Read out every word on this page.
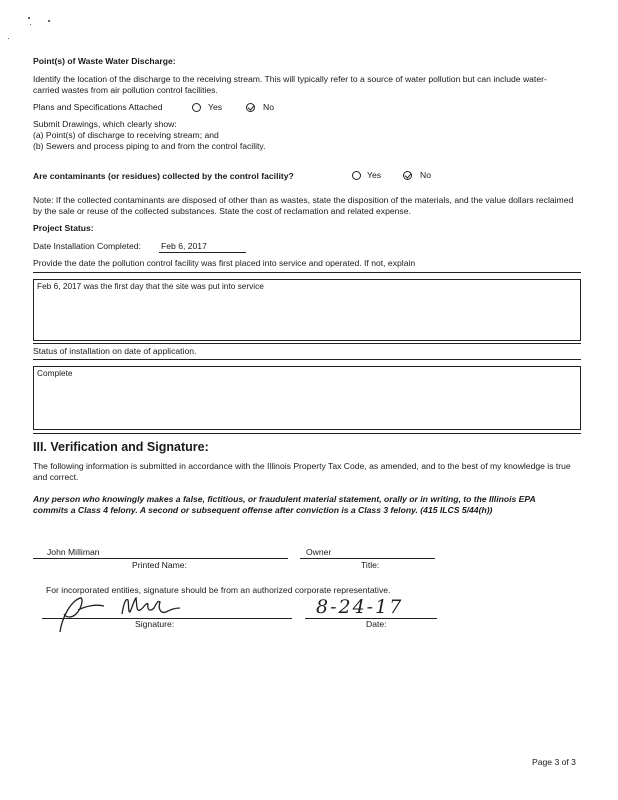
Point(s) of Waste Water Discharge:
Identify the location of the discharge to the receiving stream. This will typically refer to a source of water pollution but can include water-carried wastes from air pollution control facilities.
Plans and Specifications Attached	Yes	No
Submit Drawings, which clearly show:
(a) Point(s) of discharge to receiving stream; and
(b) Sewers and process piping to and from the control facility.
Are contaminants (or residues) collected by the control facility?	Yes	No
Note: If the collected contaminants are disposed of other than as wastes, state the disposition of the materials, and the value dollars reclaimed by the sale or reuse of the collected substances. State the cost of reclamation and related expense.
Project Status:
Date Installation Completed: Feb 6, 2017
Provide the date the pollution control facility was first placed into service and operated. If not, explain
Feb 6, 2017 was the first day that the site was put into service
Status of installation on date of application.
Complete
III. Verification and Signature:
The following information is submitted in accordance with the Illinois Property Tax Code, as amended, and to the best of my knowledge is true and correct.
Any person who knowingly makes a false, fictitious, or fraudulent material statement, orally or in writing, to the Illinois EPA commits a Class 4 felony. A second or subsequent offense after conviction is a Class 3 felony. (415 ILCS 5/44(h))
John Milliman
Printed Name:
Owner
Title:
For incorporated entities, signature should be from an authorized corporate representative.
Signature:
8-24-17
Date:
Page 3 of 3
